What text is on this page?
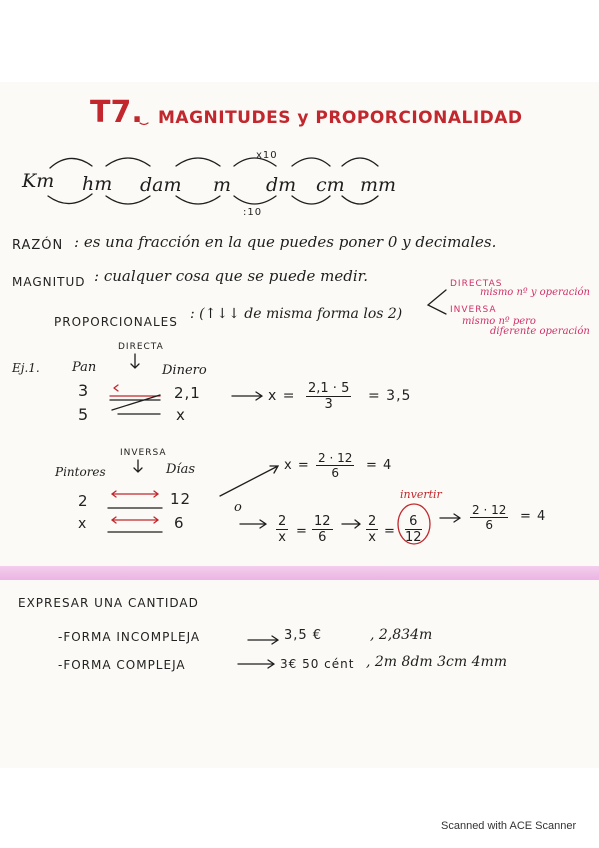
T7. MAGNITUDES y PROPORCIONALIDAD
Km hm dam m dm cm mm
x10
:10
RAZÓN : es una fracción en la que puedes poner 0 y decimales.
MAGNITUD : cualquer cosa que se puede medir.
PROPORCIONALES : (↑↓↓ de misma forma los 2)
DIRECTAS
mismo nº y operación
INVERSA
mismo nº pero
diferente operación
Ej.1.
DIRECTA
Pan	Dinero
3	2,1
5	x
$x = \frac{2,1 \cdot 5}{3} = 3,5$
INVERSA
Pintores	Días
2	12
x	6
$x = \frac{2 \cdot 12}{6} = 4$
o
$\frac{2}{x} = \frac{12}{6}$	$\frac{2}{x}$ =
invertir
$\frac{6}{12}$	$\frac{2 \cdot 12}{6} = 4$
EXPRESAR UNA CANTIDAD
-FORMA INCOMPLEJA	3,5 €	, 2,834m
-FORMA COMPLEJA	3€ 50 cént , 2m 8dm 3cm 4mm
Scanned with ACE Scanner
